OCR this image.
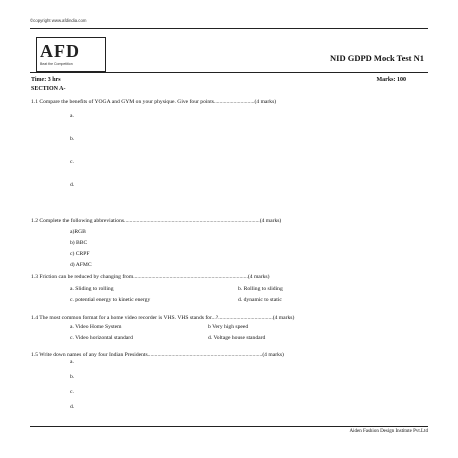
©copyright www.afdindia.com
AFD
Beat the Competition
NID GDPD Mock Test N1
Time: 3 hrs	Marks: 100
SECTION A-
1.1 Compare the benefits of YOGA and GYM on your physique. Give four points.............................(4 marks)
a.
b.
c.
d.
1.2 Complete the following abbreviations.................................................................................................(4 marks)
a)RGB
b) BBC
c) CRPF
d) AFMC
1.3 Friction can be reduced by changing from..................................................................................(4 marks)
a. Sliding to rolling	b. Rolling to sliding
c. potential energy to kinetic energy	d. dynamic to static
1.4 The most common format for a home video recorder is VHS. VHS stands for...?.......................................(4 marks)
a. Video Home System	b Very high speed
c. Video horizontal standard	d. Voltage house standard
1.5 Write down names of any four Indian Presidents..................................................................................(4 marks)
a.
b.
c.
d.
Aiden Fashion Design Institute Pvt.Ltd
